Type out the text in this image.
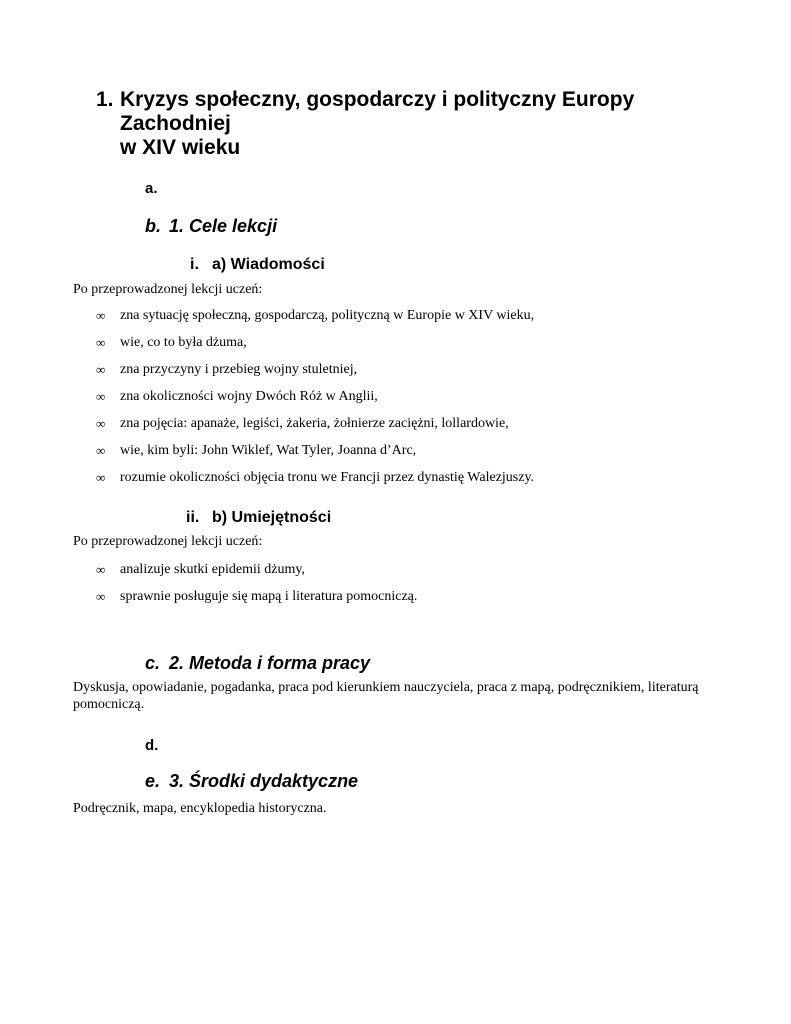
1. Kryzys społeczny, gospodarczy i polityczny Europy
Zachodniej
w XIV wieku
a.
b. 1. Cele lekcji
i. a) Wiadomości
Po przeprowadzonej lekcji uczeń:
∞	zna sytuację społeczną, gospodarczą, polityczną w Europie w XIV wieku,
∞	wie, co to była dżuma,
∞	zna przyczyny i przebieg wojny stuletniej,
∞	zna okoliczności wojny Dwóch Róż w Anglii,
∞	zna pojęcia: apanaże, legiści, żakeria, żołnierze zaciężni, lollardowie,
∞	wie, kim byli: John Wiklef, Wat Tyler, Joanna d’Arc,
∞	rozumie okoliczności objęcia tronu we Francji przez dynastię Walezjuszy.
ii. b) Umiejętności
Po przeprowadzonej lekcji uczeń:
∞	analizuje skutki epidemii dżumy,
∞	sprawnie posługuje się mapą i literatura pomocniczą.
c. 2. Metoda i forma pracy
Dyskusja, opowiadanie, pogadanka, praca pod kierunkiem nauczyciela, praca z mapą, podręcznikiem, literaturą pomocniczą.
d.
e. 3. Środki dydaktyczne
Podręcznik, mapa, encyklopedia historyczna.
